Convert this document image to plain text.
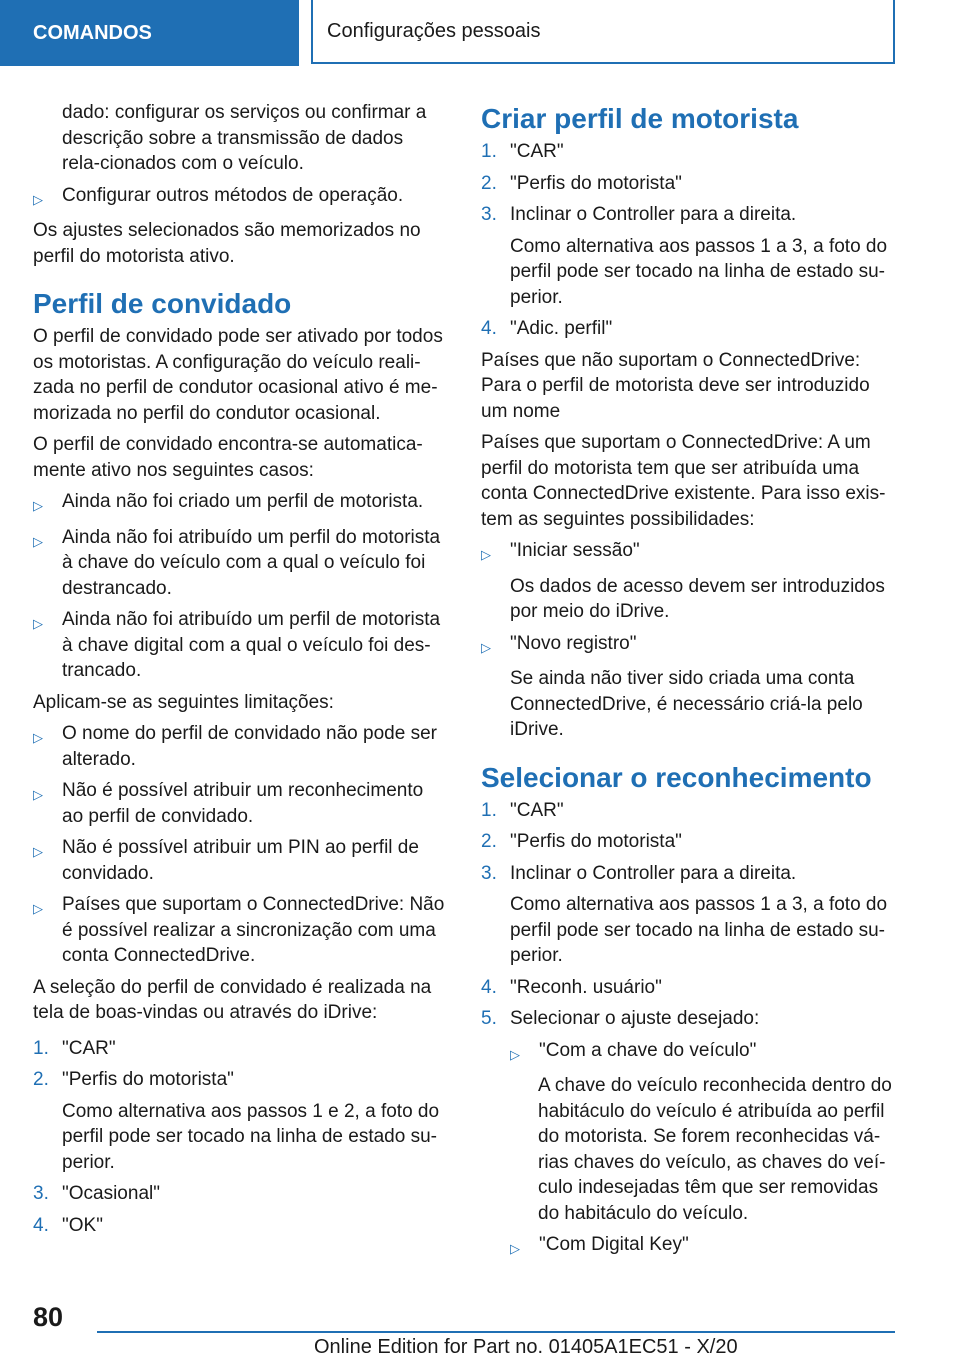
COMANDOS	Configurações pessoais
dado: configurar os serviços ou confirmar a descrição sobre a transmissão de dados rela-cionados com o veículo.
▷	Configurar outros métodos de operação.
Os ajustes selecionados são memorizados no perfil do motorista ativo.
Perfil de convidado
O perfil de convidado pode ser ativado por todos os motoristas. A configuração do veículo reali-zada no perfil de condutor ocasional ativo é me-morizada no perfil do condutor ocasional.
O perfil de convidado encontra-se automatica-mente ativo nos seguintes casos:
▷	Ainda não foi criado um perfil de motorista.
▷	Ainda não foi atribuído um perfil do motorista à chave do veículo com a qual o veículo foi destrancado.
▷	Ainda não foi atribuído um perfil de motorista à chave digital com a qual o veículo foi des-trancado.
Aplicam-se as seguintes limitações:
▷	O nome do perfil de convidado não pode ser alterado.
▷	Não é possível atribuir um reconhecimento ao perfil de convidado.
▷	Não é possível atribuir um PIN ao perfil de convidado.
▷	Países que suportam o ConnectedDrive: Não é possível realizar a sincronização com uma conta ConnectedDrive.
A seleção do perfil de convidado é realizada na tela de boas-vindas ou através do iDrive:
1. "CAR"
2. "Perfis do motorista"
Como alternativa aos passos 1 e 2, a foto do perfil pode ser tocado na linha de estado su-perior.
3. "Ocasional"
4. "OK"
Criar perfil de motorista
1. "CAR"
2. "Perfis do motorista"
3. Inclinar o Controller para a direita.
Como alternativa aos passos 1 a 3, a foto do perfil pode ser tocado na linha de estado su-perior.
4. "Adic. perfil"
Países que não suportam o ConnectedDrive: Para o perfil de motorista deve ser introduzido um nome
Países que suportam o ConnectedDrive: A um perfil do motorista tem que ser atribuída uma conta ConnectedDrive existente. Para isso exis-tem as seguintes possibilidades:
▷	"Iniciar sessão"
Os dados de acesso devem ser introduzidos por meio do iDrive.
▷	"Novo registro"
Se ainda não tiver sido criada uma conta ConnectedDrive, é necessário criá-la pelo iDrive.
Selecionar o reconhecimento
1. "CAR"
2. "Perfis do motorista"
3. Inclinar o Controller para a direita.
Como alternativa aos passos 1 a 3, a foto do perfil pode ser tocado na linha de estado su-perior.
4. "Reconh. usuário"
5. Selecionar o ajuste desejado:
▷	"Com a chave do veículo"
A chave do veículo reconhecida dentro do habitáculo do veículo é atribuída ao perfil do motorista. Se forem reconhecidas vá-rias chaves do veículo, as chaves do veí-culo indesejadas têm que ser removidas do habitáculo do veículo.
▷	"Com Digital Key"
80
Online Edition for Part no. 01405A1EC51 - X/20
